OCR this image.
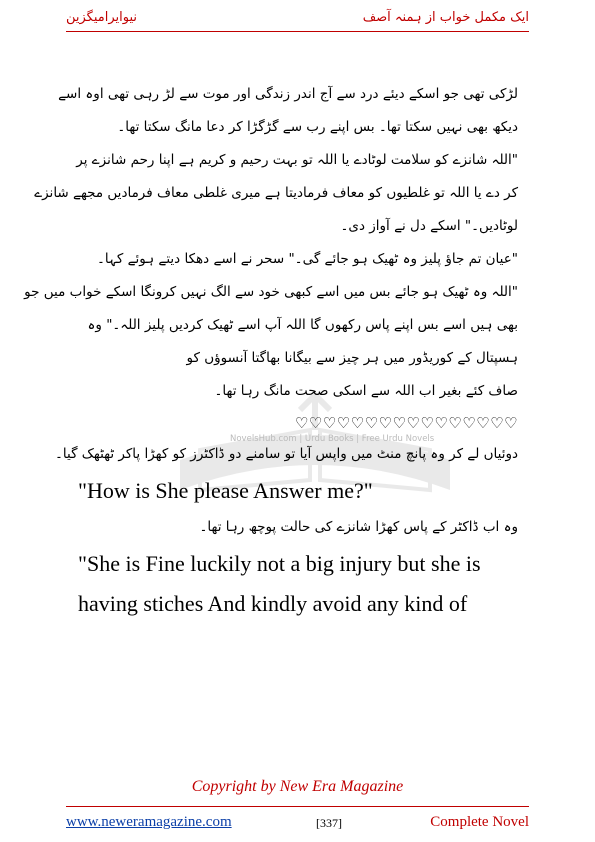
نیوایرامیگزین	ایک مکمل خواب از ہمنہ آصف
NovelsHub.com | Urdu Books | Free Urdu Novels

لڑکی تھی جو اسکے دیئے درد سے آج اندر زندگی اور موت سے لڑ رہی تھی اوہ اسے

دیکھ بھی نہیں سکتا تھا۔ بس اپنے رب سے گڑگڑا کر دعا مانگ سکتا تھا۔

"اللہ شانزے کو سلامت لوٹادے یا اللہ تو بہت رحیم و کریم ہے اپنا رحم شانزے پر

کر دے یا اللہ تو غلطیوں کو معاف فرمادیتا ہے میری غلطی معاف فرمادیں مجھے شانزے

لوٹادیں۔" اسکے دل نے آواز دی۔

"عیان تم جاؤ پلیز وہ ٹھیک ہو جائے گی۔" سحر نے اسے دھکا دیتے ہوئے کہا۔

"اللہ وہ ٹھیک ہو جائے بس میں اسے کبھی خود سے الگ نہیں کرونگا اسکے خواب میں جو

بھی ہیں اسے بس اپنے پاس رکھوں گا اللہ آپ اسے ٹھیک کردیں پلیز اللہ۔" وہ

ہسپتال کے کوریڈور میں ہر چیز سے بیگانا بھاگتا آنسوؤں کو

صاف کئے بغیر اب اللہ سے اسکی صحت مانگ رہا تھا۔

♡♡♡♡♡♡♡♡♡♡♡♡♡♡♡♡

دوئیاں لے کر وہ پانچ منٹ میں واپس آیا تو سامنے دو ڈاکٹرز کو کھڑا پاکر ٹھٹھک گیا۔

"How is She please Answer me?"

وہ اب ڈاکٹر کے پاس کھڑا شانزے کی حالت پوچھ رہا تھا۔

"She is Fine luckily not a big injury but she is

having stiches And kindly avoid any kind of

Copyright by New Era Magazine
www.neweramagazine.com	[337]	Complete Novel
